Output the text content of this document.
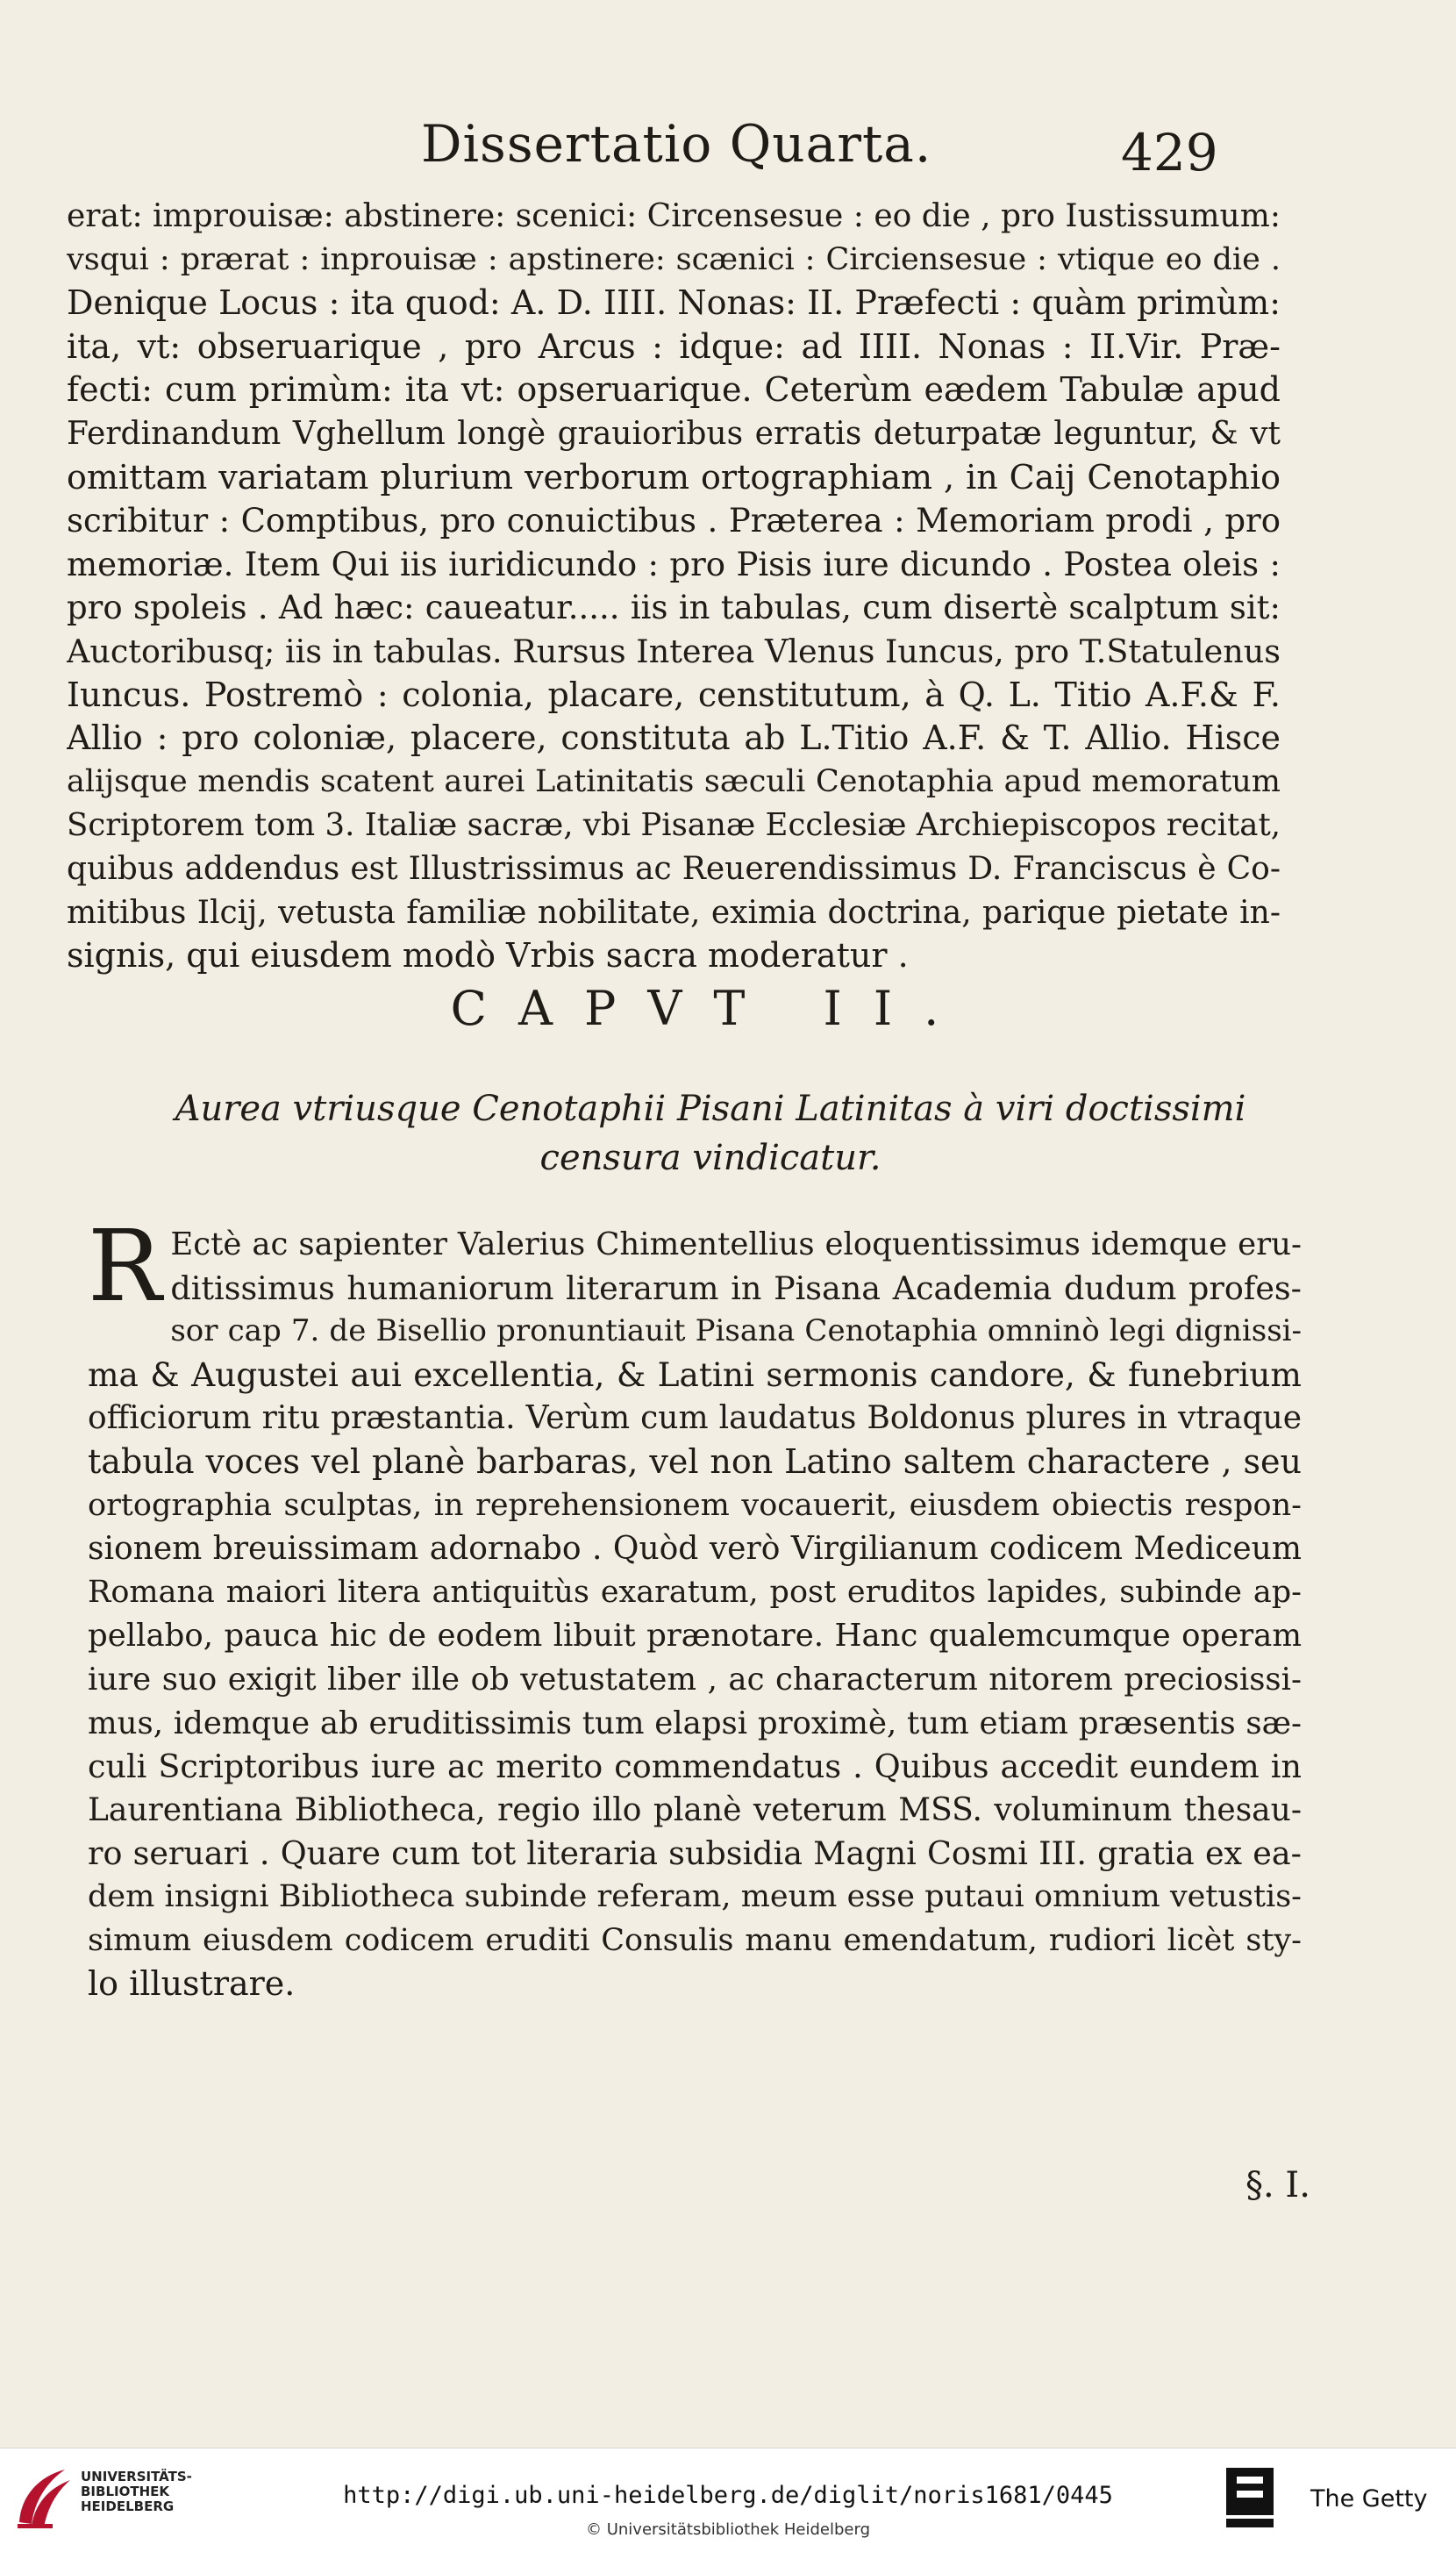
Dissertatio Quarta.	429
erat: improuisæ: abstinere: scenici: Circensesue : eo die , pro Iustissumum:
vsqui : prærat : inprouisæ : apstinere: scænici : Circiensesue : vtique eo die .
Denique Locus : ita quod: A. D. IIII. Nonas: II. Præfecti : quàm primùm:
ita, vt: obseruarique , pro Arcus : idque: ad IIII. Nonas : II.Vir. Præ-
fecti: cum primùm: ita vt: opseruarique. Ceterùm eædem Tabulæ apud
Ferdinandum Vghellum longè grauioribus erratis deturpatæ leguntur, & vt
omittam variatam plurium verborum ortographiam , in Caij Cenotaphio
scribitur : Comptibus, pro conuictibus . Præterea : Memoriam prodi , pro
memoriæ. Item Qui iis iuridicundo : pro Pisis iure dicundo . Postea oleis :
pro spoleis . Ad hæc: caueatur..... iis in tabulas, cum disertè scalptum sit:
Auctoribusq; iis in tabulas. Rursus Interea Vlenus Iuncus, pro T.Statulenus
Iuncus. Postremò : colonia, placare, censtitutum, à Q. L. Titio A.F.& F.
Allio : pro coloniæ, placere, constituta ab L.Titio A.F. & T. Allio. Hisce
alijsque mendis scatent aurei Latinitatis sæculi Cenotaphia apud memoratum
Scriptorem tom 3. Italiæ sacræ, vbi Pisanæ Ecclesiæ Archiepiscopos recitat,
quibus addendus est Illustrissimus ac Reuerendissimus D. Franciscus è Co-
mitibus Ilcij, vetusta familiæ nobilitate, eximia doctrina, parique pietate in-
signis, qui eiusdem modò Vrbis sacra moderatur .
CAPVT II.
Aurea vtriusque Cenotaphii Pisani Latinitas à viri doctissimi
censura vindicatur.
R Ectè ac sapienter Valerius Chimentellius eloquentissimus idemque eru-
ditissimus humaniorum literarum in Pisana Academia dudum profes-
sor cap 7. de Bisellio pronuntiauit Pisana Cenotaphia omninò legi dignissi-
ma & Augustei aui excellentia, & Latini sermonis candore, & funebrium
officiorum ritu præstantia. Verùm cum laudatus Boldonus plures in vtraque
tabula voces vel planè barbaras, vel non Latino saltem charactere , seu
ortographia sculptas, in reprehensionem vocauerit, eiusdem obiectis respon-
sionem breuissimam adornabo . Quòd verò Virgilianum codicem Mediceum
Romana maiori litera antiquitùs exaratum, post eruditos lapides, subinde ap-
pellabo, pauca hic de eodem libuit prænotare. Hanc qualemcumque operam
iure suo exigit liber ille ob vetustatem , ac characterum nitorem preciosissi-
mus, idemque ab eruditissimis tum elapsi proximè, tum etiam præsentis sæ-
culi Scriptoribus iure ac merito commendatus . Quibus accedit eundem in
Laurentiana Bibliotheca, regio illo planè veterum MSS. voluminum thesau-
ro seruari . Quare cum tot literaria subsidia Magni Cosmi III. gratia ex ea-
dem insigni Bibliotheca subinde referam, meum esse putaui omnium vetustis-
simum eiusdem codicem eruditi Consulis manu emendatum, rudiori licèt sty-
lo illustrare.
§. I.
UNIVERSITÄTS-
BIBLIOTHEK
HEIDELBERG	http://digi.ub.uni-heidelberg.de/diglit/noris1681/0445
© Universitätsbibliothek Heidelberg
The Getty
